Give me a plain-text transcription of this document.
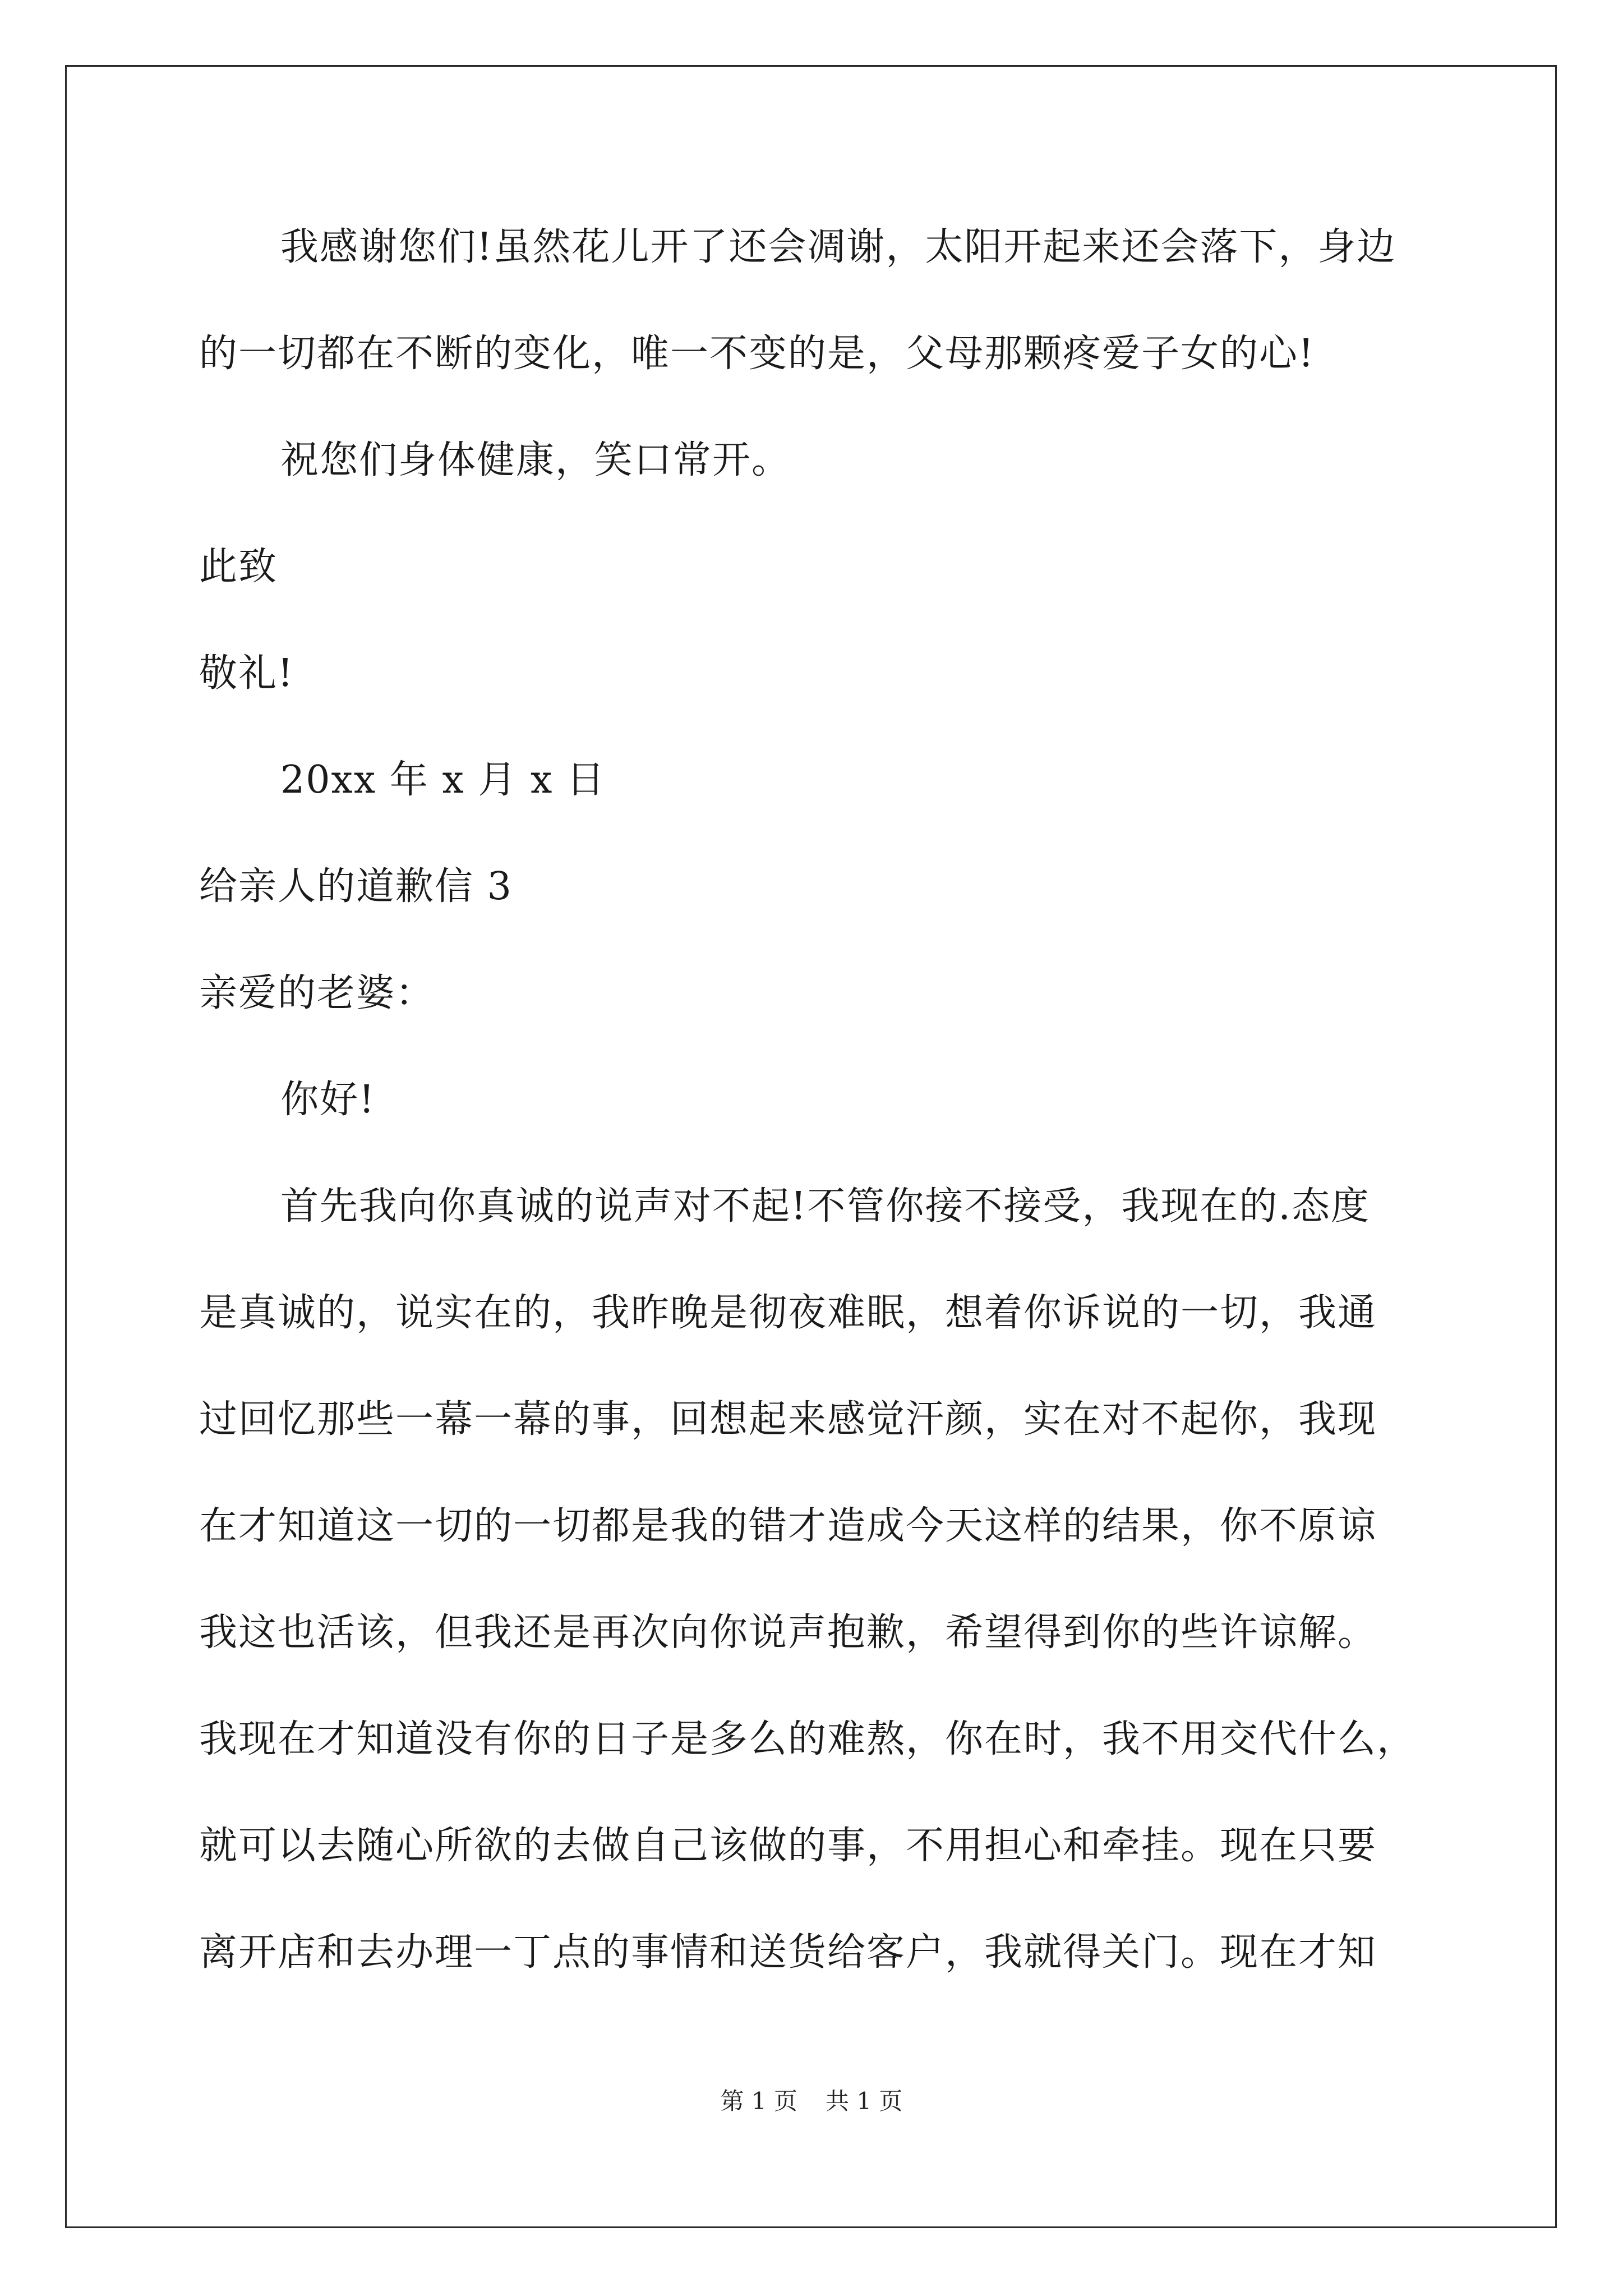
我感谢您们!虽然花儿开了还会凋谢，太阳开起来还会落下，身边
的一切都在不断的变化，唯一不变的是，父母那颗疼爱子女的心!
祝您们身体健康，笑口常开。
此致
敬礼!
20xx 年 x 月 x 日
给亲人的道歉信 3
亲爱的老婆：
你好!
首先我向你真诚的说声对不起!不管你接不接受，我现在的.态度
是真诚的，说实在的，我昨晚是彻夜难眠，想着你诉说的一切，我通
过回忆那些一幕一幕的事，回想起来感觉汗颜，实在对不起你，我现
在才知道这一切的一切都是我的错才造成今天这样的结果，你不原谅
我这也活该，但我还是再次向你说声抱歉，希望得到你的些许谅解。
我现在才知道没有你的日子是多么的难熬，你在时，我不用交代什么，
就可以去随心所欲的去做自己该做的事，不用担心和牵挂。现在只要
离开店和去办理一丁点的事情和送货给客户，我就得关门。现在才知
第 1 页 共 1 页
